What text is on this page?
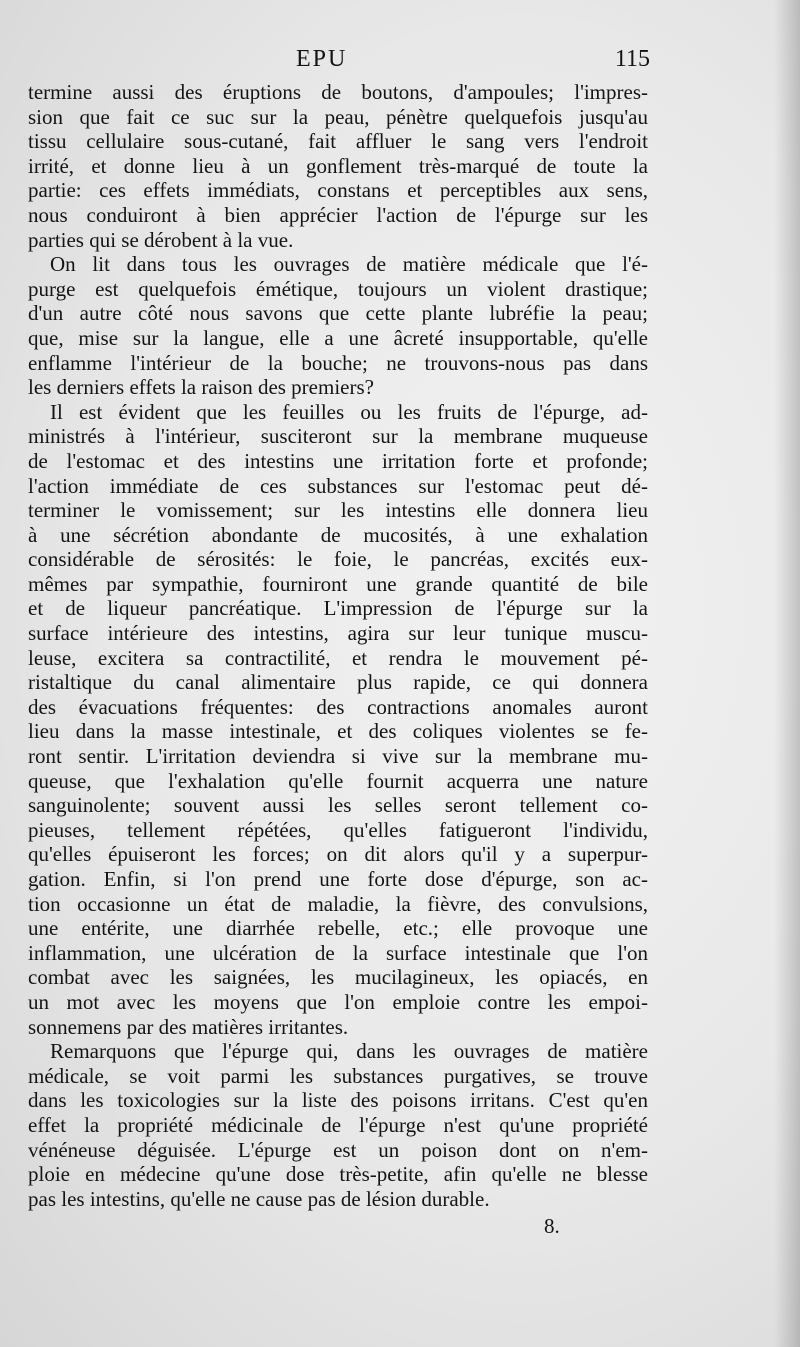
EPU	115
termine aussi des éruptions de boutons, d'ampoules; l'impres-
sion que fait ce suc sur la peau, pénètre quelquefois jusqu'au
tissu cellulaire sous-cutané, fait affluer le sang vers l'endroit
irrité, et donne lieu à un gonflement très-marqué de toute la
partie: ces effets immédiats, constans et perceptibles aux sens,
nous conduiront à bien apprécier l'action de l'épurge sur les
parties qui se dérobent à la vue.
On lit dans tous les ouvrages de matière médicale que l'é-
purge est quelquefois émétique, toujours un violent drastique;
d'un autre côté nous savons que cette plante lubréfie la peau;
que, mise sur la langue, elle a une âcreté insupportable, qu'elle
enflamme l'intérieur de la bouche; ne trouvons-nous pas dans
les derniers effets la raison des premiers?
Il est évident que les feuilles ou les fruits de l'épurge, ad-
ministrés à l'intérieur, susciteront sur la membrane muqueuse
de l'estomac et des intestins une irritation forte et profonde;
l'action immédiate de ces substances sur l'estomac peut dé-
terminer le vomissement; sur les intestins elle donnera lieu
à une sécrétion abondante de mucosités, à une exhalation
considérable de sérosités: le foie, le pancréas, excités eux-
mêmes par sympathie, fourniront une grande quantité de bile
et de liqueur pancréatique. L'impression de l'épurge sur la
surface intérieure des intestins, agira sur leur tunique muscu-
leuse, excitera sa contractilité, et rendra le mouvement pé-
ristaltique du canal alimentaire plus rapide, ce qui donnera
des évacuations fréquentes: des contractions anomales auront
lieu dans la masse intestinale, et des coliques violentes se fe-
ront sentir. L'irritation deviendra si vive sur la membrane mu-
queuse, que l'exhalation qu'elle fournit acquerra une nature
sanguinolente; souvent aussi les selles seront tellement co-
pieuses, tellement répétées, qu'elles fatigueront l'individu,
qu'elles épuiseront les forces; on dit alors qu'il y a superpur-
gation. Enfin, si l'on prend une forte dose d'épurge, son ac-
tion occasionne un état de maladie, la fièvre, des convulsions,
une entérite, une diarrhée rebelle, etc.; elle provoque une
inflammation, une ulcération de la surface intestinale que l'on
combat avec les saignées, les mucilagineux, les opiacés, en
un mot avec les moyens que l'on emploie contre les empoi-
sonnemens par des matières irritantes.
Remarquons que l'épurge qui, dans les ouvrages de matière
médicale, se voit parmi les substances purgatives, se trouve
dans les toxicologies sur la liste des poisons irritans. C'est qu'en
effet la propriété médicinale de l'épurge n'est qu'une propriété
vénéneuse déguisée. L'épurge est un poison dont on n'em-
ploie en médecine qu'une dose très-petite, afin qu'elle ne blesse
pas les intestins, qu'elle ne cause pas de lésion durable.
8.
